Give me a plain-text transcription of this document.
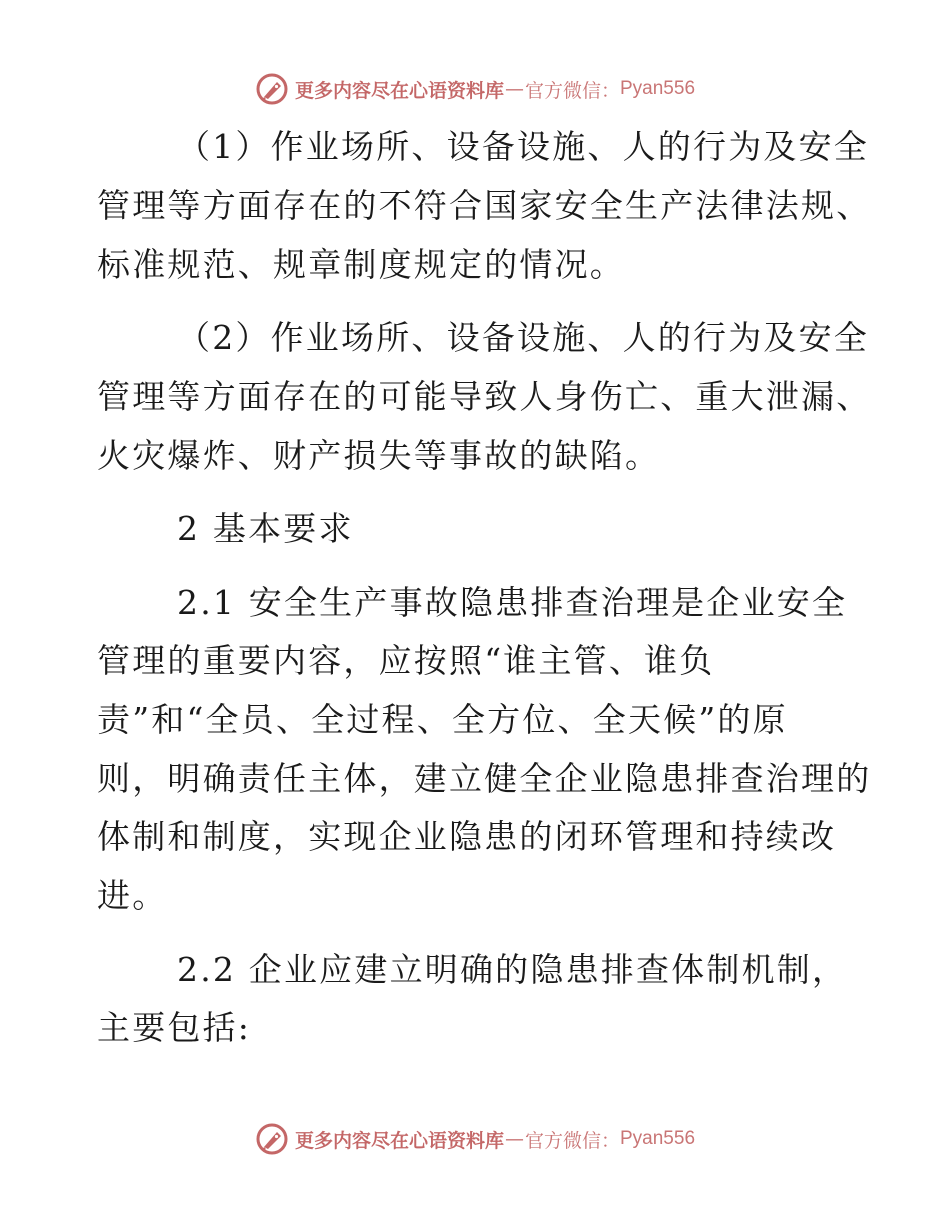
更多内容尽在心语资料库 — 官方微信： Pyan556
（1）作业场所、设备设施、人的行为及安全
管理等方面存在的不符合国家安全生产法律法规、
标准规范、规章制度规定的情况。
（2）作业场所、设备设施、人的行为及安全
管理等方面存在的可能导致人身伤亡、重大泄漏、
火灾爆炸、财产损失等事故的缺陷。
2 基本要求
2.1 安全生产事故隐患排查治理是企业安全
管理的重要内容，应按照“谁主管、谁负
责”和“全员、全过程、全方位、全天候”的原
则，明确责任主体，建立健全企业隐患排查治理的
体制和制度，实现企业隐患的闭环管理和持续改
进。
2.2 企业应建立明确的隐患排查体制机制，
主要包括:
更多内容尽在心语资料库 — 官方微信： Pyan556
